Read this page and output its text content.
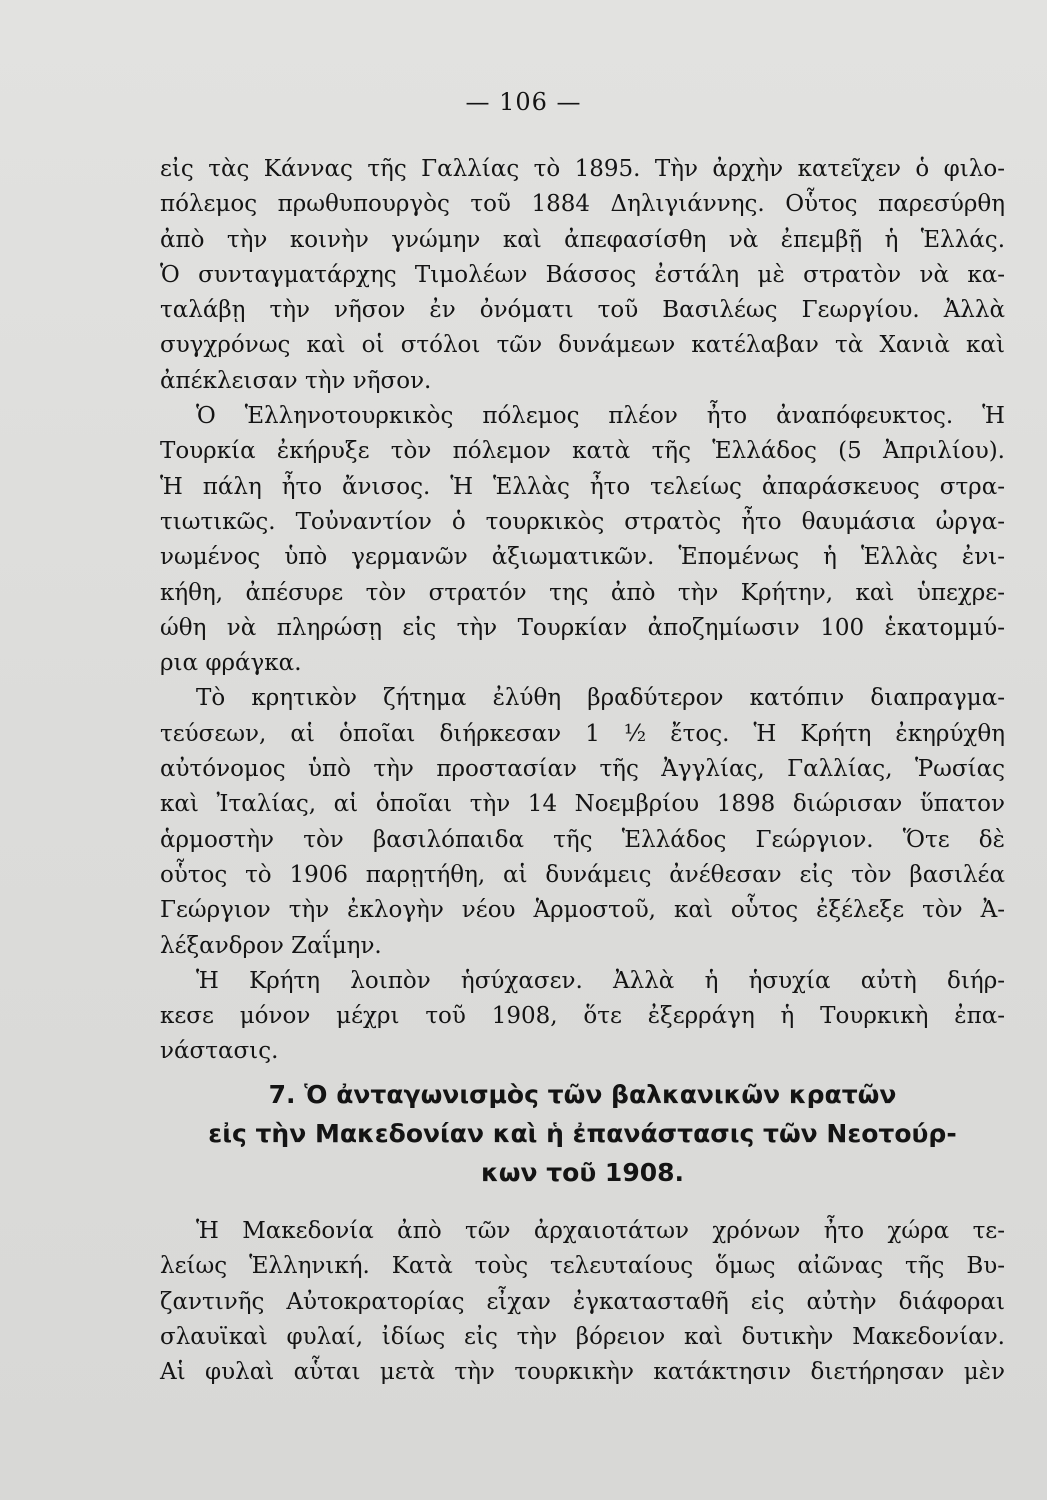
— 106 —

εἰς τὰς Κάννας τῆς Γαλλίας τὸ 1895. Τὴν ἀρχὴν κατεῖχεν ὁ φιλο-
πόλεμος πρωθυπουργὸς τοῦ 1884 Δηλιγιάννης. Οὗτος παρεσύρθη
ἀπὸ τὴν κοινὴν γνώμην καὶ ἀπεφασίσθη νὰ ἐπεμβῇ ἡ Ἑλλάς.
Ὁ συνταγματάρχης Τιμολέων Βάσσος ἐστάλη μὲ στρατὸν νὰ κα-
ταλάβῃ τὴν νῆσον ἐν ὀνόματι τοῦ Βασιλέως Γεωργίου. Ἀλλὰ
συγχρόνως καὶ οἱ στόλοι τῶν δυνάμεων κατέλαβαν τὰ Χανιὰ καὶ
ἀπέκλεισαν τὴν νῆσον.

Ὁ Ἑλληνοτουρκικὸς πόλεμος πλέον ἦτο ἀναπόφευκτος. Ἡ
Τουρκία ἐκήρυξε τὸν πόλεμον κατὰ τῆς Ἑλλάδος (5 Ἀπριλίου).
Ἡ πάλη ἦτο ἄνισος. Ἡ Ἑλλὰς ἦτο τελείως ἀπαράσκευος στρα-
τιωτικῶς. Τοὐναντίον ὁ τουρκικὸς στρατὸς ἦτο θαυμάσια ὠργα-
νωμένος ὑπὸ γερμανῶν ἀξιωματικῶν. Ἑπομένως ἡ Ἑλλὰς ἐνι-
κήθη, ἀπέσυρε τὸν στρατόν της ἀπὸ τὴν Κρήτην, καὶ ὑπεχρε-
ώθη νὰ πληρώσῃ εἰς τὴν Τουρκίαν ἀποζημίωσιν 100 ἑκατομμύ-
ρια φράγκα.

Τὸ κρητικὸν ζήτημα ἐλύθη βραδύτερον κατόπιν διαπραγμα-
τεύσεων, αἱ ὁποῖαι διήρκεσαν 1 ½ ἔτος. Ἡ Κρήτη ἐκηρύχθη
αὐτόνομος ὑπὸ τὴν προστασίαν τῆς Ἀγγλίας, Γαλλίας, Ῥωσίας
καὶ Ἰταλίας, αἱ ὁποῖαι τὴν 14 Νοεμβρίου 1898 διώρισαν ὕπατον
ἁρμοστὴν τὸν βασιλόπαιδα τῆς Ἑλλάδος Γεώργιον. Ὅτε δὲ
οὗτος τὸ 1906 παρῃτήθη, αἱ δυνάμεις ἀνέθεσαν εἰς τὸν βασιλέα
Γεώργιον τὴν ἐκλογὴν νέου Ἁρμοστοῦ, καὶ οὗτος ἐξέλεξε τὸν Ἀ-
λέξανδρον Ζαΐμην.

Ἡ Κρήτη λοιπὸν ἡσύχασεν. Ἀλλὰ ἡ ἡσυχία αὐτὴ διήρ-
κεσε μόνον μέχρι τοῦ 1908, ὅτε ἐξερράγη ἡ Τουρκικὴ ἐπα-
νάστασις.

7. Ὁ ἀνταγωνισμὸς τῶν βαλκανικῶν κρατῶν
εἰς τὴν Μακεδονίαν καὶ ἡ ἐπανάστασις τῶν Νεοτούρ-
κων τοῦ 1908.

Ἡ Μακεδονία ἀπὸ τῶν ἀρχαιοτάτων χρόνων ἦτο χώρα τε-
λείως Ἑλληνική. Κατὰ τοὺς τελευταίους ὅμως αἰῶνας τῆς Βυ-
ζαντινῆς Αὐτοκρατορίας εἶχαν ἐγκατασταθῆ εἰς αὐτὴν διάφοραι
σλαυϊκαὶ φυλαί, ἰδίως εἰς τὴν βόρειον καὶ δυτικὴν Μακεδονίαν.
Αἱ φυλαὶ αὗται μετὰ τὴν τουρκικὴν κατάκτησιν διετήρησαν μὲν
